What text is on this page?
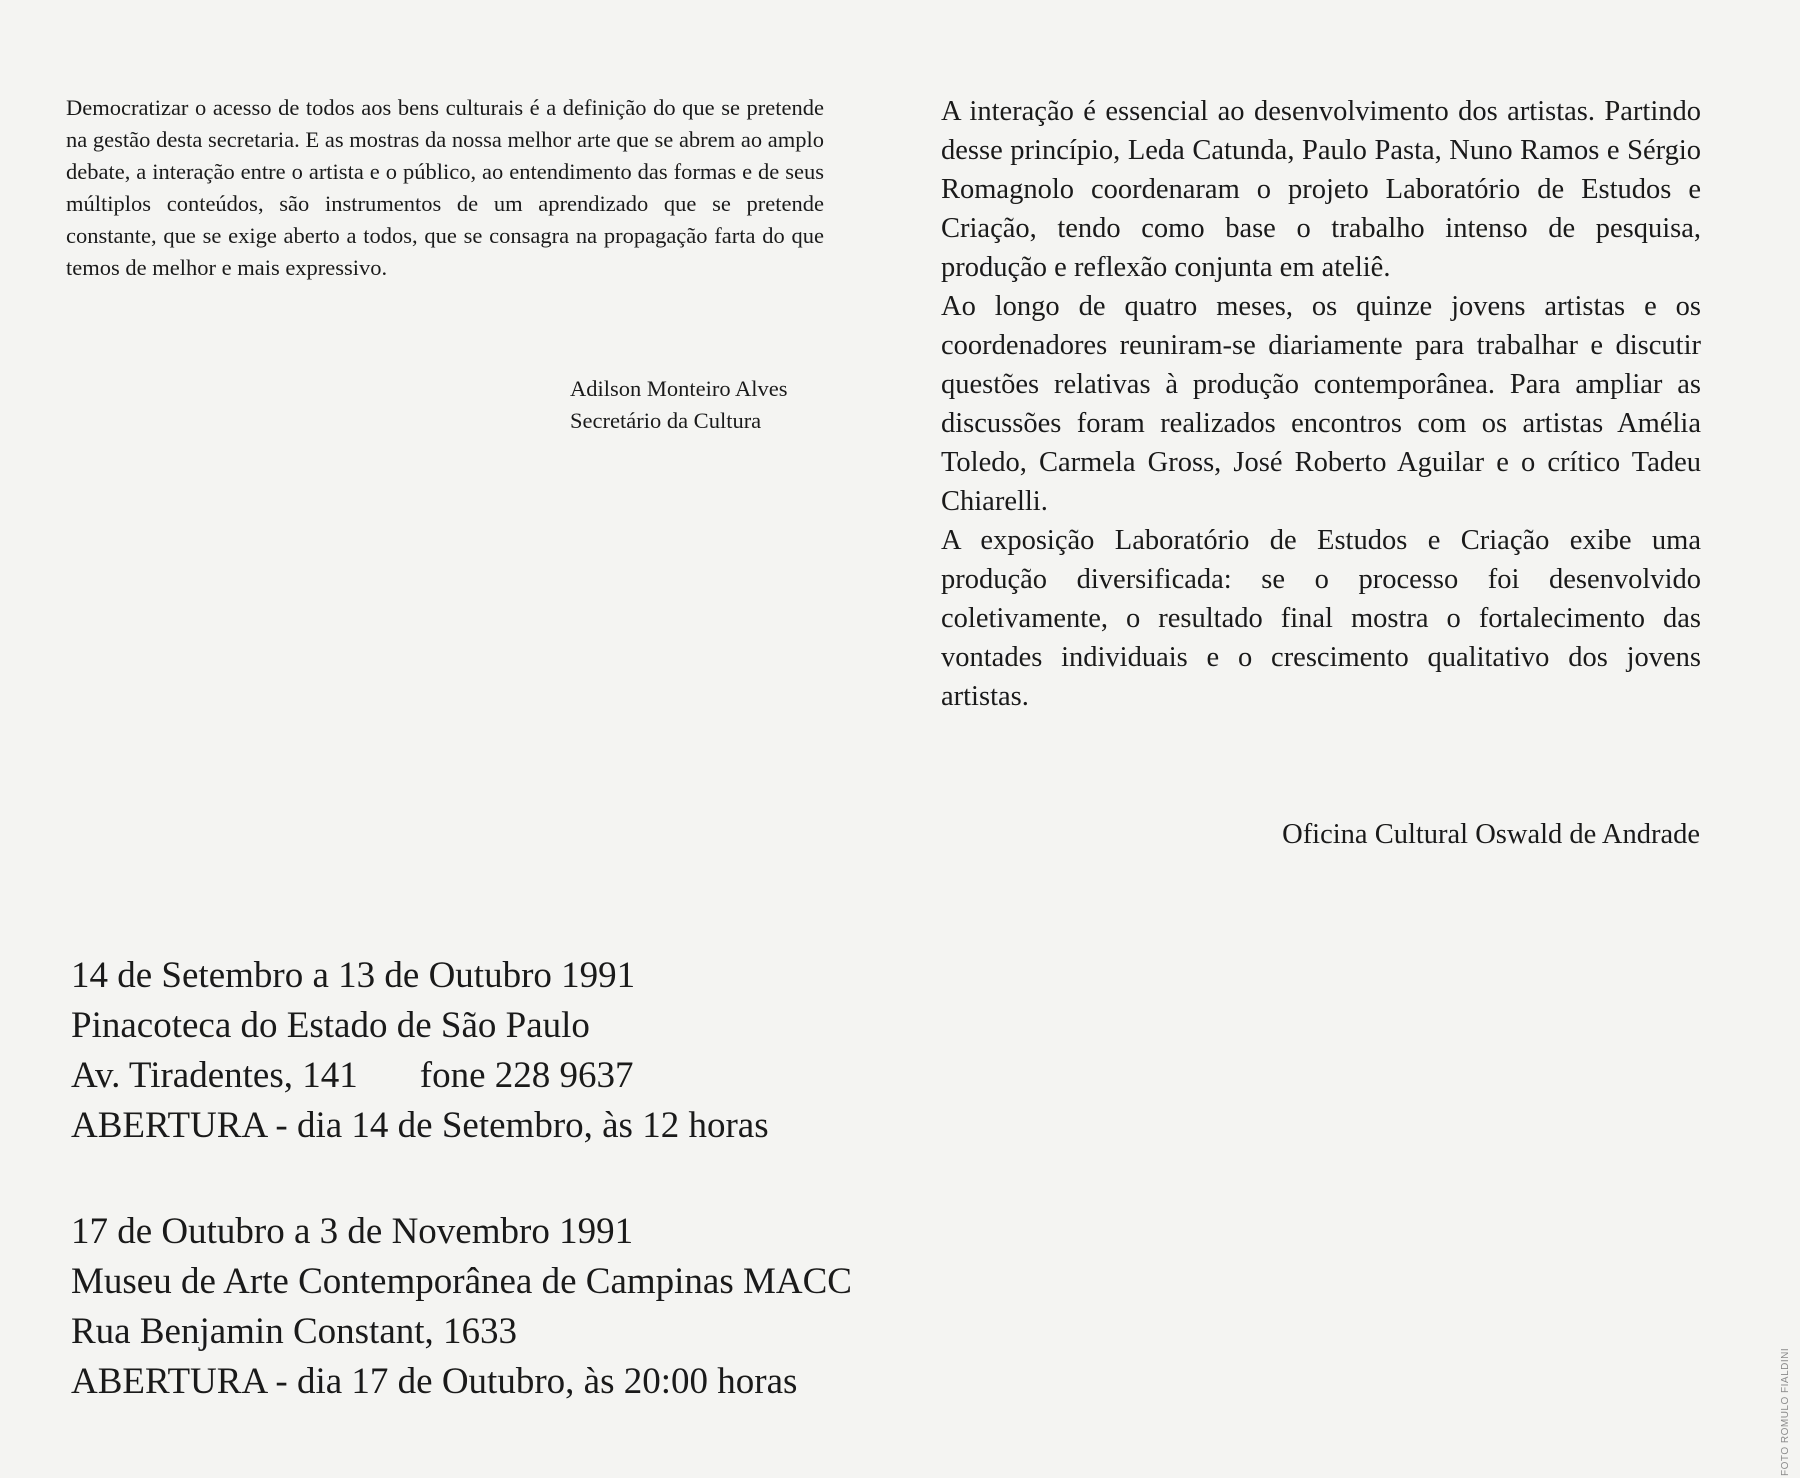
Democratizar o acesso de todos aos bens culturais é a definição do que se pretende na gestão desta secretaria. E as mostras da nossa melhor arte que se abrem ao amplo debate, a interação entre o artista e o público, ao entendimento das formas e de seus múltiplos conteúdos, são instrumentos de um aprendizado que se pretende constante, que se exige aberto a todos, que se consagra na propagação farta do que temos de melhor e mais expressivo.
Adilson Monteiro Alves
Secretário da Cultura

A interação é essencial ao desenvolvimento dos artistas. Partindo desse princípio, Leda Catunda, Paulo Pasta, Nuno Ramos e Sérgio Romagnolo coordenaram o projeto Laboratório de Estudos e Criação, tendo como base o trabalho intenso de pesquisa, produção e reflexão conjunta em ateliê.

Ao longo de quatro meses, os quinze jovens artistas e os coordenadores reuniram-se diariamente para trabalhar e discutir questões relativas à produção contemporânea. Para ampliar as discussões foram realizados encontros com os artistas Amélia Toledo, Carmela Gross, José Roberto Aguilar e o crítico Tadeu Chiarelli.

A exposição Laboratório de Estudos e Criação exibe uma produção diversificada: se o processo foi desenvolvido coletivamente, o resultado final mostra o fortalecimento das vontades individuais e o crescimento qualitativo dos jovens artistas.

Oficina Cultural Oswald de Andrade
14 de Setembro a 13 de Outubro 1991
Pinacoteca do Estado de São Paulo
Av. Tiradentes, 141 fone 228 9637
ABERTURA - dia 14 de Setembro, às 12 horas
17 de Outubro a 3 de Novembro 1991
Museu de Arte Contemporânea de Campinas MACC
Rua Benjamin Constant, 1633
ABERTURA - dia 17 de Outubro, às 20:00 horas	FOTO ROMULO FIALDINI
